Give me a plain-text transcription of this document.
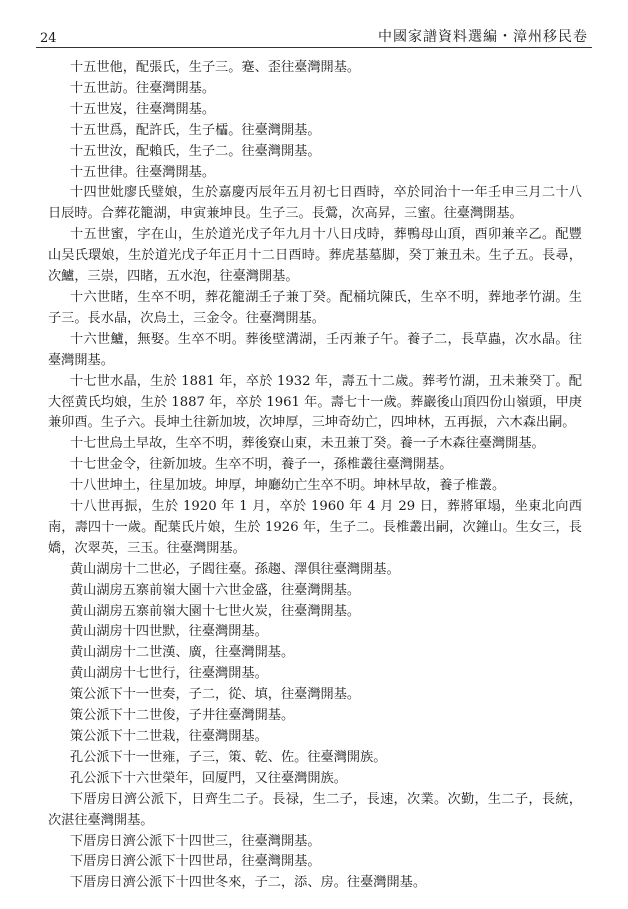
24	中國家譜資料選編・漳州移民卷

十五世他，配張氏，生子三。蹇、歪往臺灣開基。

十五世訪。往臺灣開基。

十五世岌，往臺灣開基。

十五世爲，配許氏，生子櫺。往臺灣開基。

十五世汝，配賴氏，生子二。往臺灣開基。

十五世律。往臺灣開基。

十四世妣廖氏璧娘，生於嘉慶丙辰年五月初七日酉時，卒於同治十一年壬申三月二十八日辰時。合葬花籠湖，申寅兼坤艮。生子三。長鶯，次高昇，三蜜。往臺灣開基。

十五世蜜，字在山，生於道光戊子年九月十八日戌時，葬鴨母山頂，酉卯兼辛乙。配豐山吴氏環娘，生於道光戊子年正月十二日酉時。葬虎基墓脚，癸丁兼丑未。生子五。長尋，次鱸，三崇，四睹，五水泡，往臺灣開基。

十六世睹，生卒不明，葬花籠湖壬子兼丁癸。配桶坑陳氏，生卒不明，葬地孝竹湖。生子三。長水晶，次烏土，三金令。往臺灣開基。

十六世鱸，無娶。生卒不明。葬後壁溝湖，壬丙兼子午。養子二，長草蟲，次水晶。往臺灣開基。

十七世水晶，生於 1881 年，卒於 1932 年，壽五十二歲。葬考竹湖，丑未兼癸丁。配大徑黄氏均娘，生於 1887 年，卒於 1961 年。壽七十一歲。葬巖後山頂四份山嶺頭，甲庚兼卯酉。生子六。長坤土往新加坡，次坤厚，三坤奇幼亡，四坤林，五再振，六木森出嗣。

十七世烏土早故，生卒不明，葬後寮山東，未丑兼丁癸。養一子木森往臺灣開基。

十七世金令，往新加坡。生卒不明，養子一，孫椎叢往臺灣開基。

十八世坤土，往星加坡。坤厚，坤廳幼亡生卒不明。坤林早故，養子椎叢。

十八世再振，生於 1920 年 1 月，卒於 1960 年 4 月 29 日，葬將軍塌，坐東北向西南，壽四十一歲。配葉氏片娘，生於 1926 年，生子二。長椎叢出嗣，次鐘山。生女三，長嬌，次翠英，三玉。往臺灣開基。

黄山湖房十二世必，子閻往臺。孫趨、澤俱往臺灣開基。

黄山湖房五寨前嶺大園十六世金盛，往臺灣開基。

黄山湖房五寨前嶺大園十七世火炭，往臺灣開基。

黄山湖房十四世默，往臺灣開基。

黄山湖房十二世漢、廣，往臺灣開基。

黄山湖房十七世行，往臺灣開基。

策公派下十一世奏，子二，從、填，往臺灣開基。

策公派下十二世俊，子井往臺灣開基。

策公派下十二世栽，往臺灣開基。

孔公派下十一世雍，子三，策、乾、佐。往臺灣開族。

孔公派下十六世榮年，回厦門，又往臺灣開族。

下厝房日濟公派下，日齊生二子。長禄，生二子，長速，次業。次勤，生二子，長統，次湛往臺灣開基。

下厝房日濟公派下十四世三，往臺灣開基。

下厝房日濟公派下十四世昂，往臺灣開基。

下厝房日濟公派下十四世冬來，子二，添、房。往臺灣開基。
